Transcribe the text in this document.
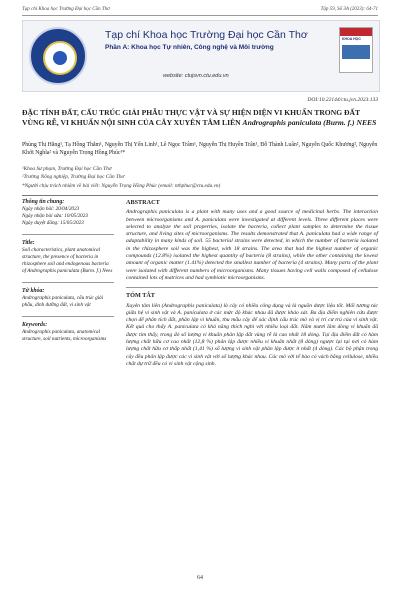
Tạp chí Khoa học Trường Đại học Cần Thơ	Tập 59, Số 3A (2023): 64-71
Tạp chí Khoa học Trường Đại học Cần Thơ
Phần A: Khoa học Tự nhiên, Công nghệ và Môi trường
website: ctujsvn.ctu.edu.vn
KHOA HỌC
DOI:10.22144/ctu.jvn.2023.133
ĐẶC TÍNH ĐẤT, CẤU TRÚC GIẢI PHẪU THỰC VẬT VÀ SỰ HIỆN DIỆN VI KHUẨN TRONG ĐẤT VÙNG RỄ, VI KHUẨN NỘI SINH CỦA CÂY XUYÊN TÂM LIÊN Andrographis paniculata (Burm. f.) NEES
Phùng Thị Hằng¹, Tạ Hồng Thắm¹, Nguyễn Thị Yến Linh¹, Lê Ngọc Trâm¹, Nguyễn Thị Huyền Trân¹, Đỗ Thành Luân², Nguyễn Quốc Khương², Nguyễn Khởi Nghĩa² và Nguyễn Trọng Hồng Phúc¹*
¹Khoa Sư phạm, Trường Đại học Cần Thơ
²Trường Nông nghiệp, Trường Đại học Cần Thơ
*Người chịu trách nhiệm về bài viết: Nguyễn Trọng Hồng Phúc (email: nthphuc@ctu.edu.vn)
Thông tin chung:
Ngày nhận bài: 20/04/2023
Ngày nhận bài sửa: 10/05/2023
Ngày duyệt đăng: 15/05/2023
Title:
Soil characteristics, plant anatomical structure, the presence of bacteria in rhizosphere soil and endogenous bacteria of Andrographis paniculata (Burm. f.) Nees
Từ khóa:
Andrographis paniculata, cấu trúc giải phẫu, dinh dưỡng đất, vi sinh vật
Keywords:
Andrographis paniculata, anatomical structure, soil nutrients, microorganisms
ABSTRACT

Andrographis paniculata is a plant with many uses and a good source of medicinal herbs. The interaction between microorganisms and A. paniculata were investigated at different levels. Three different places were selected to analyze the soil properties, isolate the bacteria, collect plant samples to determine the tissue structure, and living sites of microorganisms. The results demonstrated that A. paniculata had a wide range of adaptability in many kinds of soil. 55 bacterial strains were detected, in which the number of bacteria isolated in the rhizosphere soil was the highest, with 18 strains. The area that had the highest number of organic compounds (12.8%) isolated the highest quantity of bacteria (8 strains), while the other containing the lowest amount of organic matter (1.41%) detected the smallest number of bacteria (4 strains). Many parts of the plant were isolated with different numbers of microorganisms. Many tissues having cell walls composed of cellulose contained lots of matrices and had symbiotic microorganisms.

TÓM TẮT

Xuyên tâm liên (Andrographis paniculata) là cây có nhiều công dụng và là nguồn dược liệu tốt. Mối tương tác giữa hệ vi sinh vật và A. paniculata ở các mức độ khác nhau đã được khảo sát. Ba địa điểm nghiên cứu được chọn để phân tích đất, phân lập vi khuẩn, thu mẫu cây để xác định cấu trúc mô và vị trí cư trú của vi sinh vật. Kết quả cho thấy A. paniculata có khả năng thích nghi với nhiều loại đất. Năm mươi lăm dòng vi khuẩn đã được tìm thấy, trong đó số lượng vi khuẩn phân lập đất vùng rễ là cao nhất 18 dòng. Tại địa điểm đất có hàm lượng chất hữu cơ cao nhất (12,8 %) phân lập được nhiều vi khuẩn nhất (8 dòng) ngược lại tại nơi có hàm lượng chất hữu cơ thấp nhất (1,41 %) số lượng vi sinh vật phân lập được ít nhất (4 dòng). Các bộ phận trong cây đều phân lập được các vi sinh vật với số lượng khác nhau. Các mô với tế bào có vách bằng cellulose, nhiều chất dự trữ đều có vi sinh vật cộng sinh.

64
